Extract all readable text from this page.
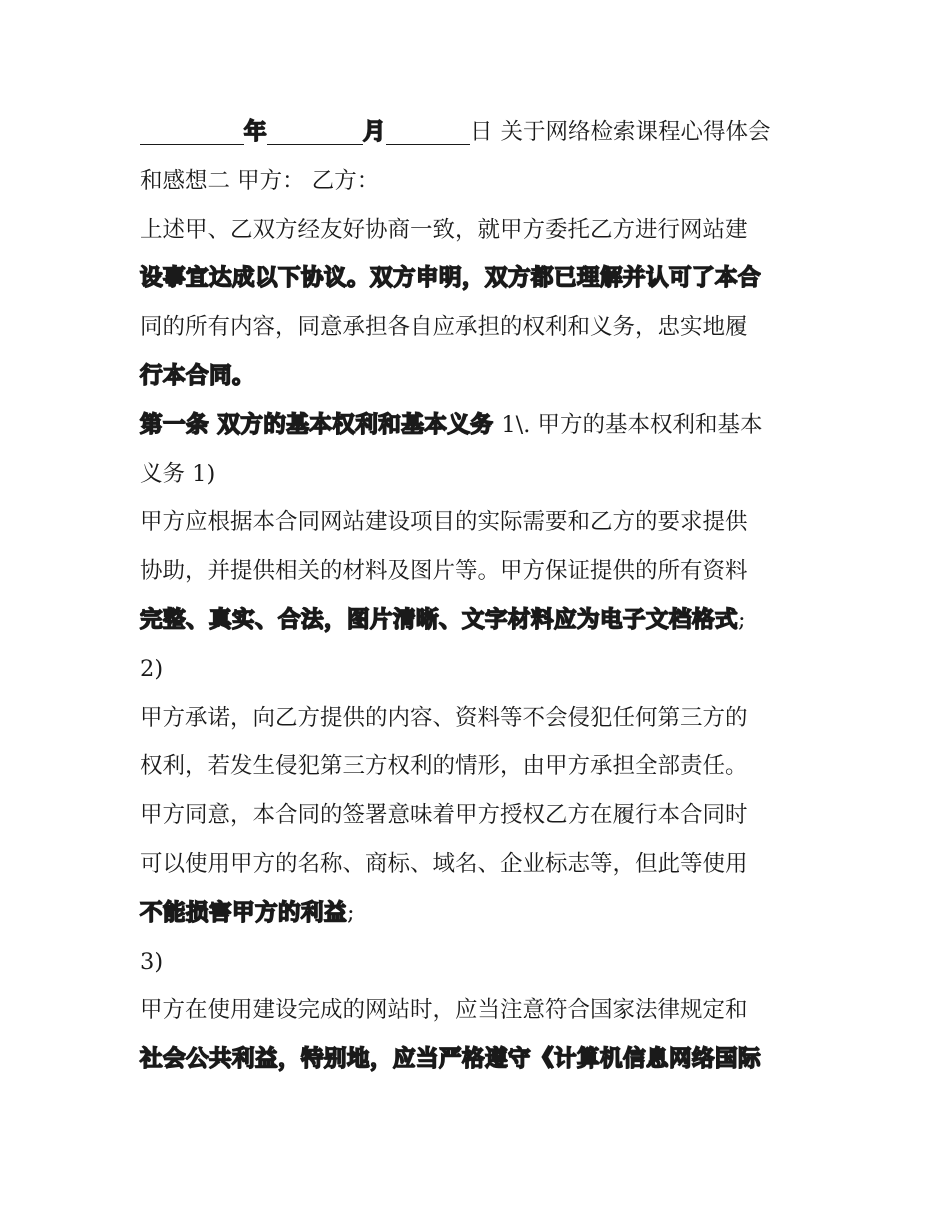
年	月	日 关于网络检索课程心得体会
和感想二 甲方： 乙方：
上述甲、乙双方经友好协商一致，就甲方委托乙方进行网站建
设事宜达成以下协议。双方申明，双方都已理解并认可了本合
同的所有内容，同意承担各自应承担的权利和义务，忠实地履
行本合同。
第一条 双方的基本权利和基本义务 1\. 甲方的基本权利和基本
义务 1)
甲方应根据本合同网站建设项目的实际需要和乙方的要求提供
协助，并提供相关的材料及图片等。甲方保证提供的所有资料
完整、真实、合法，图片清晰、文字材料应为电子文档格式 ;
2)
甲方承诺，向乙方提供的内容、资料等不会侵犯任何第三方的
权利，若发生侵犯第三方权利的情形，由甲方承担全部责任。
甲方同意，本合同的签署意味着甲方授权乙方在履行本合同时
可以使用甲方的名称、商标、域名、企业标志等，但此等使用
不能损害甲方的利益 ;
3)
甲方在使用建设完成的网站时，应当注意符合国家法律规定和
社会公共利益，特别地，应当严格遵守《计算机信息网络国际
